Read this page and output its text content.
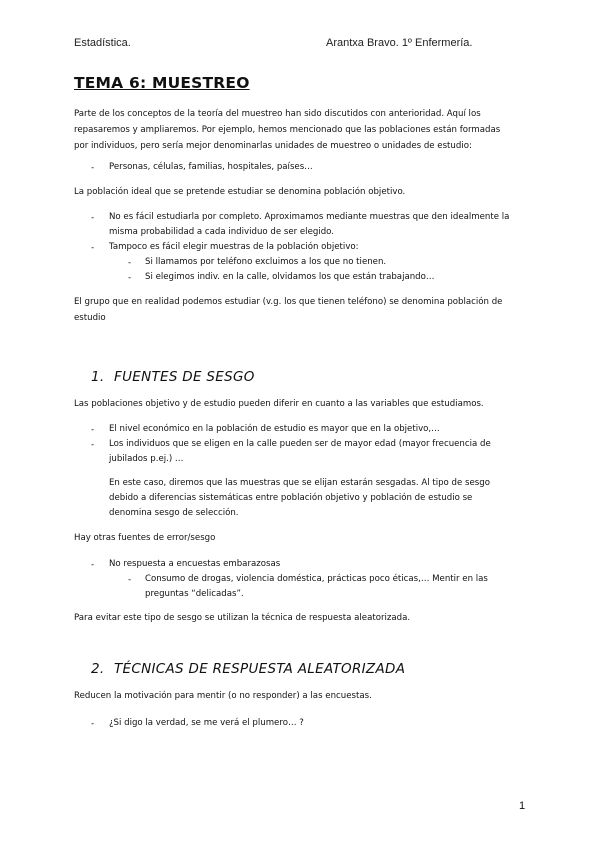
Estadística.	Arantxa Bravo. 1º Enfermería.
TEMA 6: MUESTREO
Parte de los conceptos de la teoría del muestreo han sido discutidos con anterioridad. Aquí los
repasaremos y ampliaremos. Por ejemplo, hemos mencionado que las poblaciones están formadas
por individuos, pero sería mejor denominarlas unidades de muestreo o unidades de estudio:
- Personas, células, familias, hospitales, países…
La población ideal que se pretende estudiar se denomina población objetivo.
- No es fácil estudiarla por completo. Aproximamos mediante muestras que den idealmente la
misma probabilidad a cada individuo de ser elegido.
- Tampoco es fácil elegir muestras de la población objetivo:
- Si llamamos por teléfono excluimos a los que no tienen.
- Si elegimos indiv. en la calle, olvidamos los que están trabajando…
El grupo que en realidad podemos estudiar (v.g. los que tienen teléfono) se denomina población de
estudio
1. FUENTES DE SESGO
Las poblaciones objetivo y de estudio pueden diferir en cuanto a las variables que estudiamos.
- El nivel económico en la población de estudio es mayor que en la objetivo,…
- Los individuos que se eligen en la calle pueden ser de mayor edad (mayor frecuencia de
jubilados p.ej.) …
En este caso, diremos que las muestras que se elijan estarán sesgadas. Al tipo de sesgo
debido a diferencias sistemáticas entre población objetivo y población de estudio se
denomina sesgo de selección.
Hay otras fuentes de error/sesgo
- No respuesta a encuestas embarazosas
- Consumo de drogas, violencia doméstica, prácticas poco éticas,… Mentir en las
preguntas “delicadas”.
Para evitar este tipo de sesgo se utilizan la técnica de respuesta aleatorizada.
2. TÉCNICAS DE RESPUESTA ALEATORIZADA
Reducen la motivación para mentir (o no responder) a las encuestas.
- ¿Si digo la verdad, se me verá el plumero… ?
1
